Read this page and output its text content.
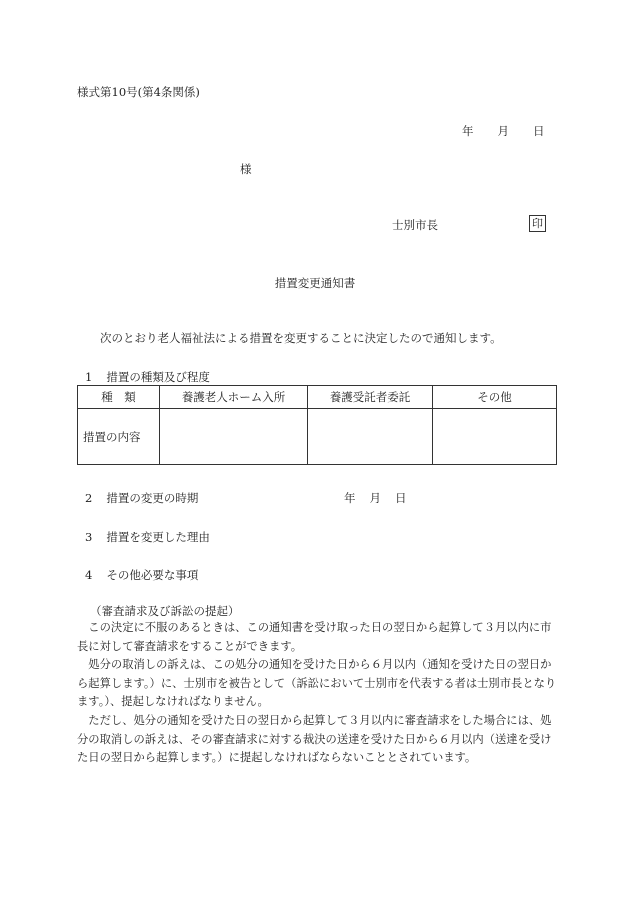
様式第10号(第4条関係)
年 月 日
様
士別市長	印
措置変更通知書
次のとおり老人福祉法による措置を変更することに決定したので通知します。
1 措置の種類及び程度
種　類	養護老人ホーム入所	養護受託者委託	その他
措置の内容			
2 措置の変更の時期	年 月 日
3 措置を変更した理由
4 その他必要な事項
（審査請求及び訴訟の提起）
この決定に不服のあるときは、この通知書を受け取った日の翌日から起算して３月以内に市長に対して審査請求をすることができます。
処分の取消しの訴えは、この処分の通知を受けた日から６月以内（通知を受けた日の翌日から起算します。）に、士別市を被告として（訴訟において士別市を代表する者は士別市長となります。）、提起しなければなりません。
ただし、処分の通知を受けた日の翌日から起算して３月以内に審査請求をした場合には、処分の取消しの訴えは、その審査請求に対する裁決の送達を受けた日から６月以内（送達を受けた日の翌日から起算します。）に提起しなければならないこととされています。
